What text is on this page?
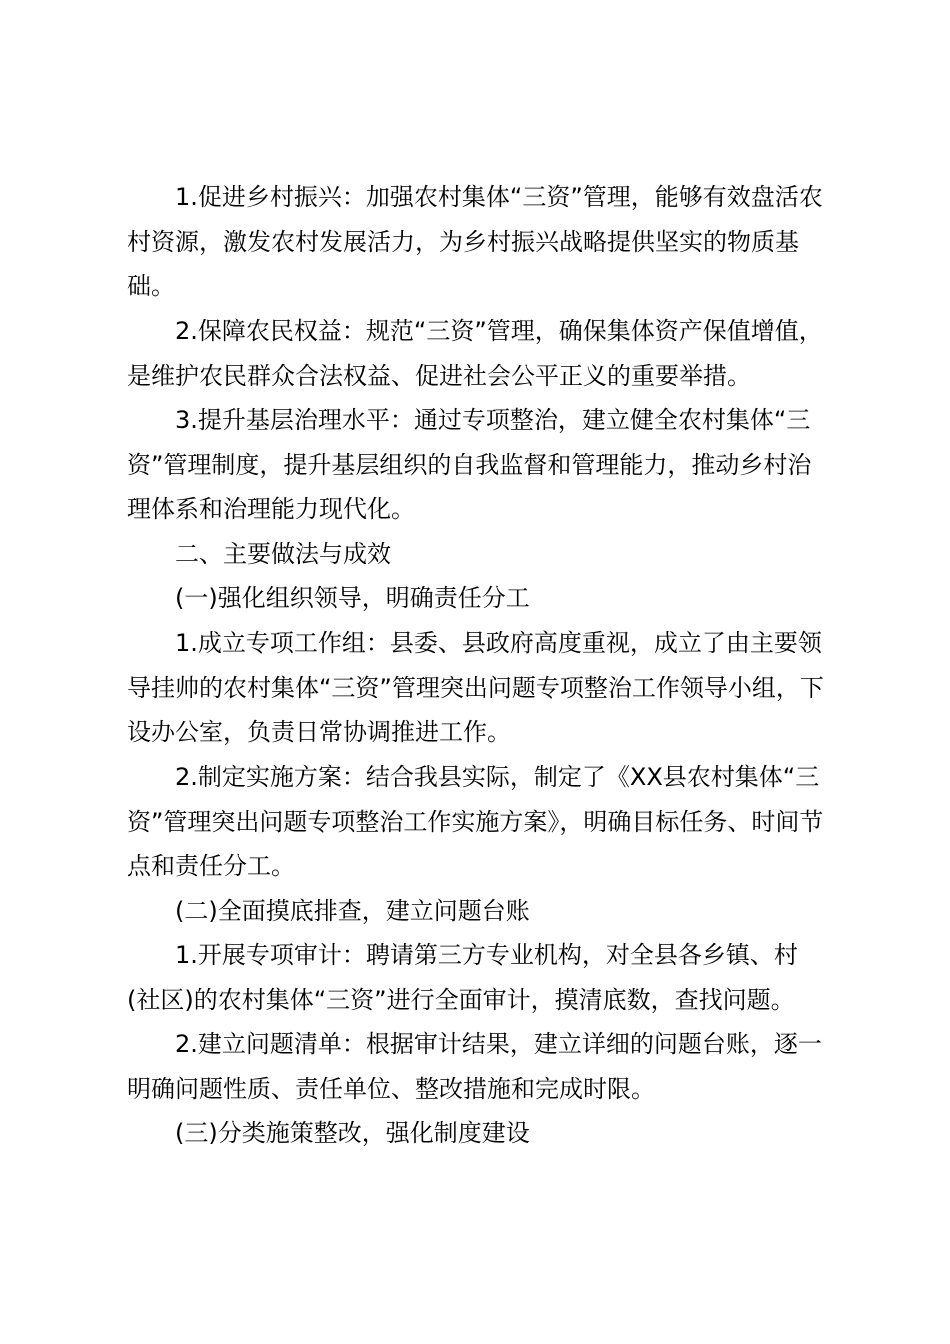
1.促进乡村振兴：加强农村集体“三资”管理，能够有效盘活农村资源，激发农村发展活力，为乡村振兴战略提供坚实的物质基础。

2.保障农民权益：规范“三资”管理，确保集体资产保值增值，是维护农民群众合法权益、促进社会公平正义的重要举措。

3.提升基层治理水平：通过专项整治，建立健全农村集体“三资”管理制度，提升基层组织的自我监督和管理能力，推动乡村治理体系和治理能力现代化。

二、主要做法与成效

(一)强化组织领导，明确责任分工

1.成立专项工作组：县委、县政府高度重视，成立了由主要领导挂帅的农村集体“三资”管理突出问题专项整治工作领导小组，下设办公室，负责日常协调推进工作。

2.制定实施方案：结合我县实际，制定了《XX县农村集体“三资”管理突出问题专项整治工作实施方案》，明确目标任务、时间节点和责任分工。

(二)全面摸底排查，建立问题台账

1.开展专项审计：聘请第三方专业机构，对全县各乡镇、村(社区)的农村集体“三资”进行全面审计，摸清底数，查找问题。

2.建立问题清单：根据审计结果，建立详细的问题台账，逐一明确问题性质、责任单位、整改措施和完成时限。

(三)分类施策整改，强化制度建设
